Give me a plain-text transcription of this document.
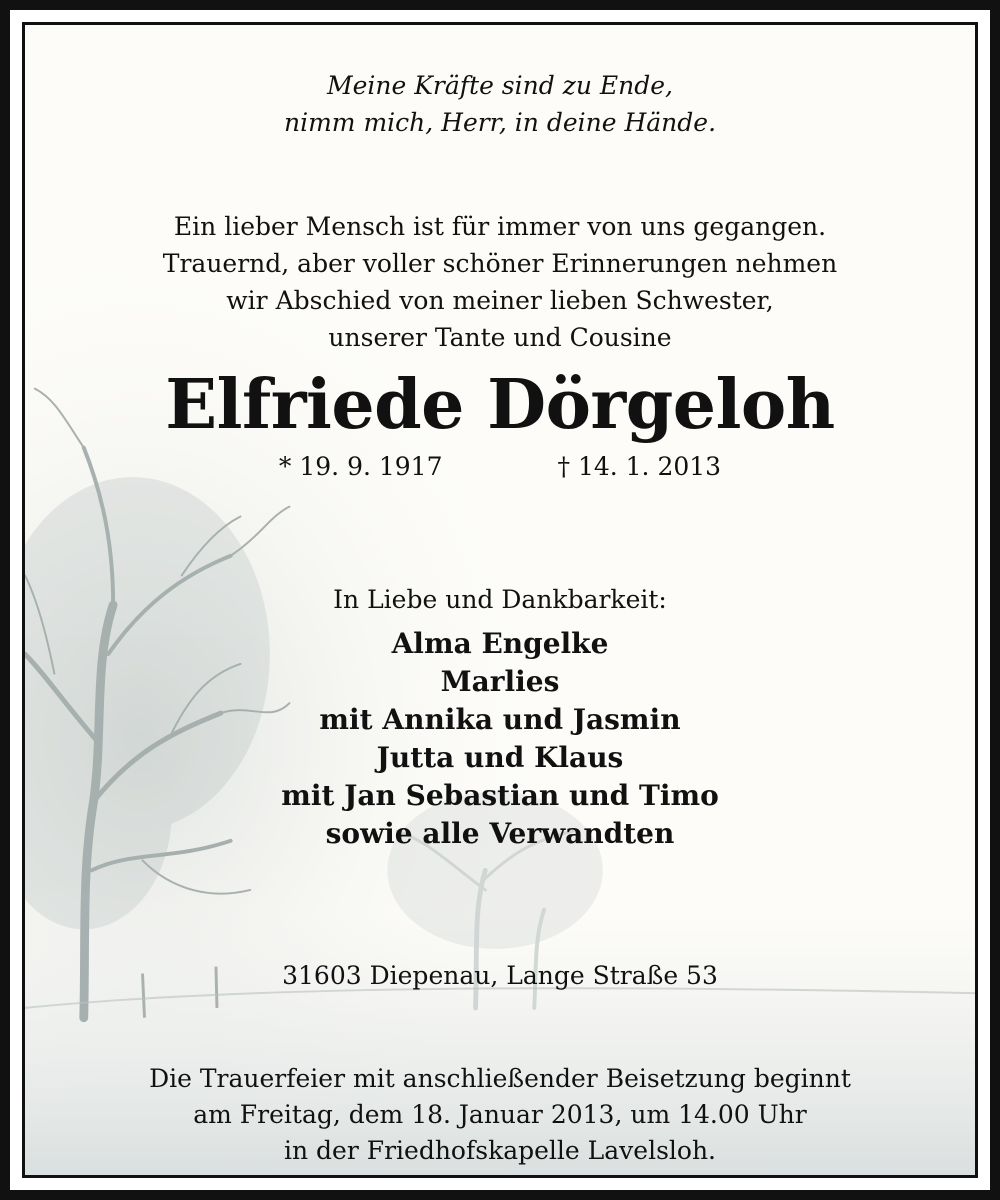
Meine Kräfte sind zu Ende,
nimm mich, Herr, in deine Hände.
Ein lieber Mensch ist für immer von uns gegangen.
Trauernd, aber voller schöner Erinnerungen nehmen
wir Abschied von meiner lieben Schwester,
unserer Tante und Cousine
Elfriede Dörgeloh
* 19. 9. 1917	† 14. 1. 2013
In Liebe und Dankbarkeit:
Alma Engelke
Marlies
mit Annika und Jasmin
Jutta und Klaus
mit Jan Sebastian und Timo
sowie alle Verwandten
31603 Diepenau, Lange Straße 53
Die Trauerfeier mit anschließender Beisetzung beginnt
am Freitag, dem 18. Januar 2013, um 14.00 Uhr
in der Friedhofskapelle Lavelsloh.
